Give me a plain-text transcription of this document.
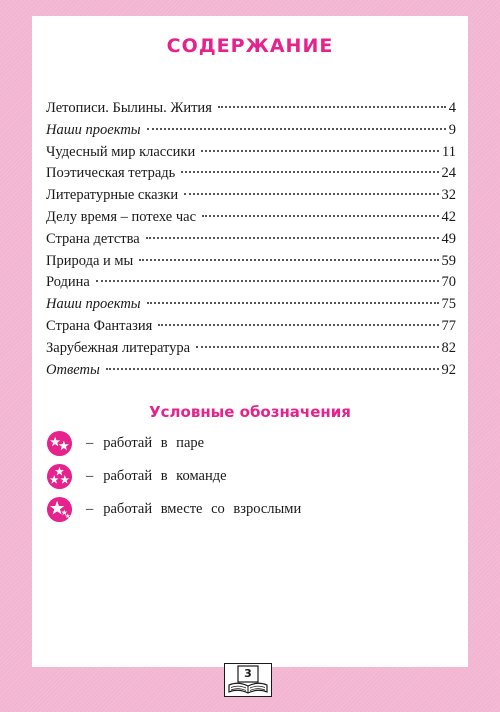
СОДЕРЖАНИЕ
Летописи. Былины. Жития	4
Наши проекты	9
Чудесный мир классики	11
Поэтическая тетрадь	24
Литературные сказки	32
Делу время – потехе час	42
Страна детства	49
Природа и мы	59
Родина	70
Наши проекты	75
Страна Фантазия	77
Зарубежная литература	82
Ответы	92
Условные обозначения
– работай в паре
– работай в команде
– работай вместе со взрослыми
3
